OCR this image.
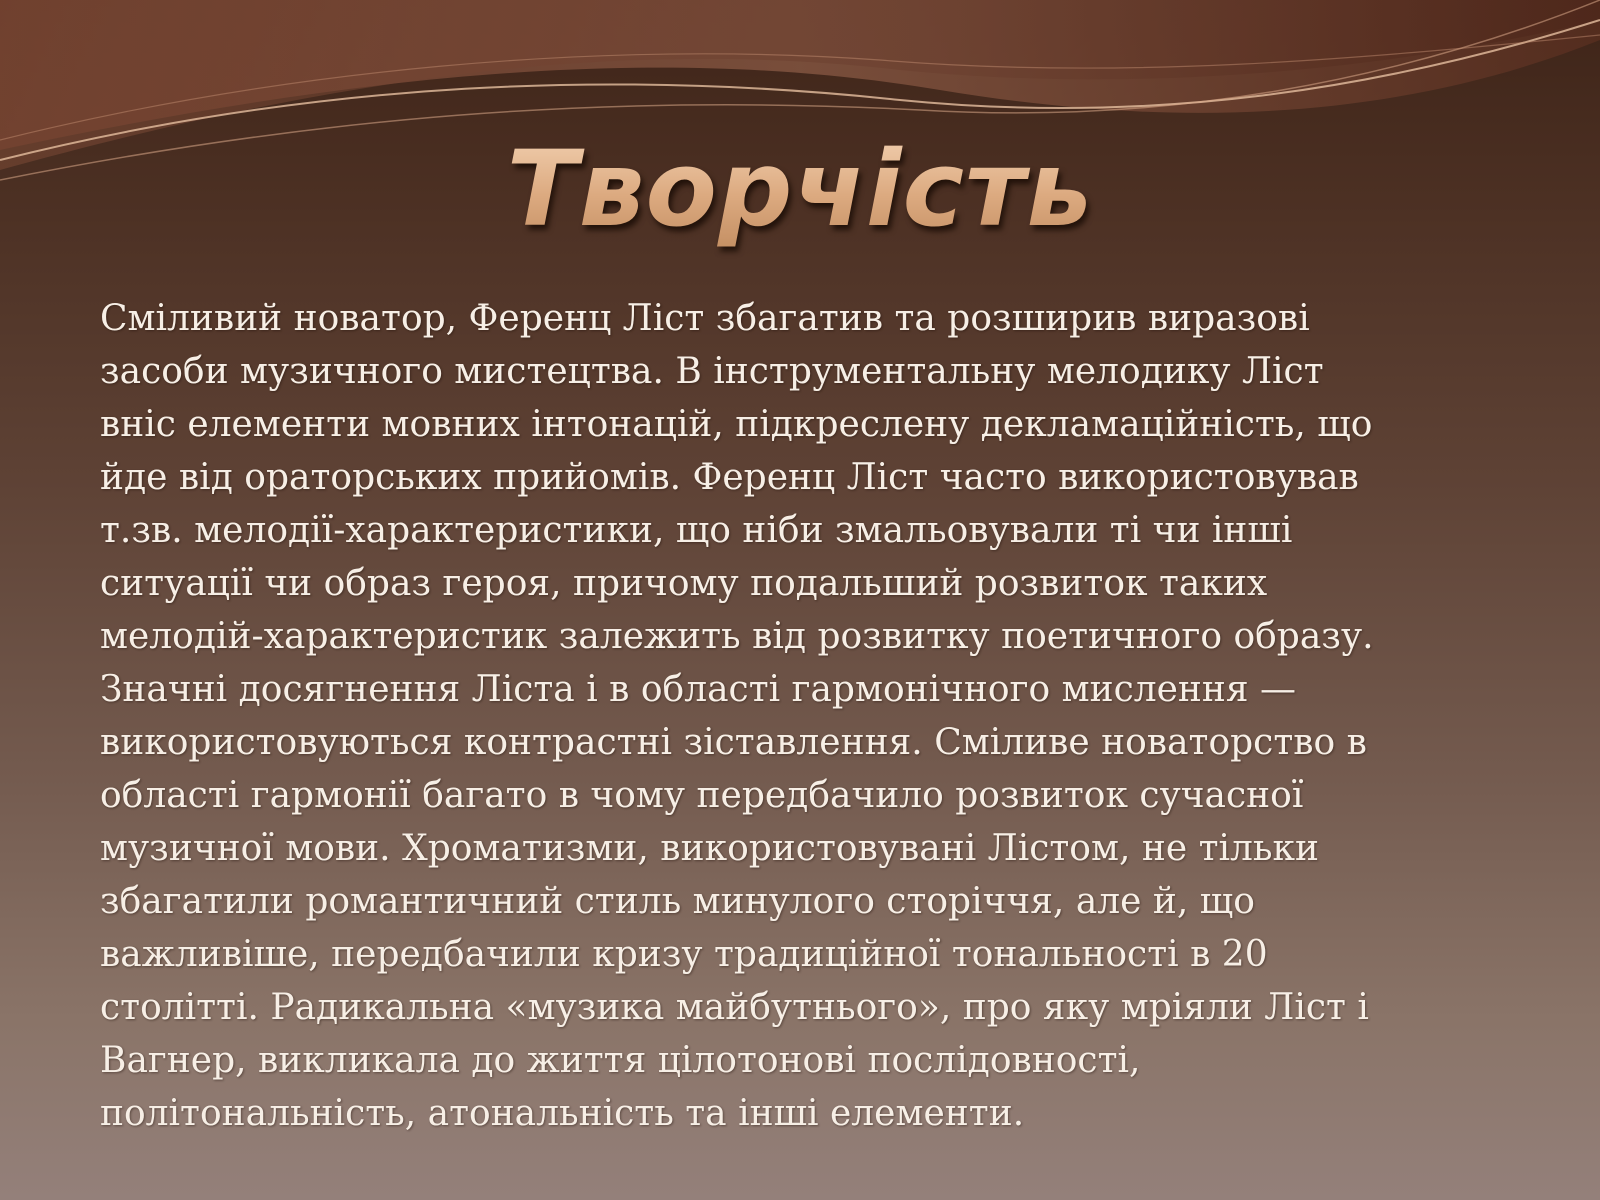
Творчість

Сміливий новатор, Ференц Ліст збагатив та розширив виразові
засоби музичного мистецтва. В інструментальну мелодику Ліст
вніс елементи мовних інтонацій, підкреслену декламаційність, що
йде від ораторських прийомів. Ференц Ліст часто використовував
т.зв. мелодії-характеристики, що ніби змальовували ті чи інші
ситуації чи образ героя, причому подальший розвиток таких
мелодій-характеристик залежить від розвитку поетичного образу.
Значні досягнення Ліста і в області гармонічного мислення —
використовуються контрастні зіставлення. Сміливе новаторство в
області гармонії багато в чому передбачило розвиток сучасної
музичної мови. Хроматизми, використовувані Лістом, не тільки
збагатили романтичний стиль минулого сторіччя, але й, що
важливіше, передбачили кризу традиційної тональності в 20
столітті. Радикальна «музика майбутнього», про яку мріяли Ліст і
Вагнер, викликала до життя цілотонові послідовності,
політональність, атональність та інші елементи.
